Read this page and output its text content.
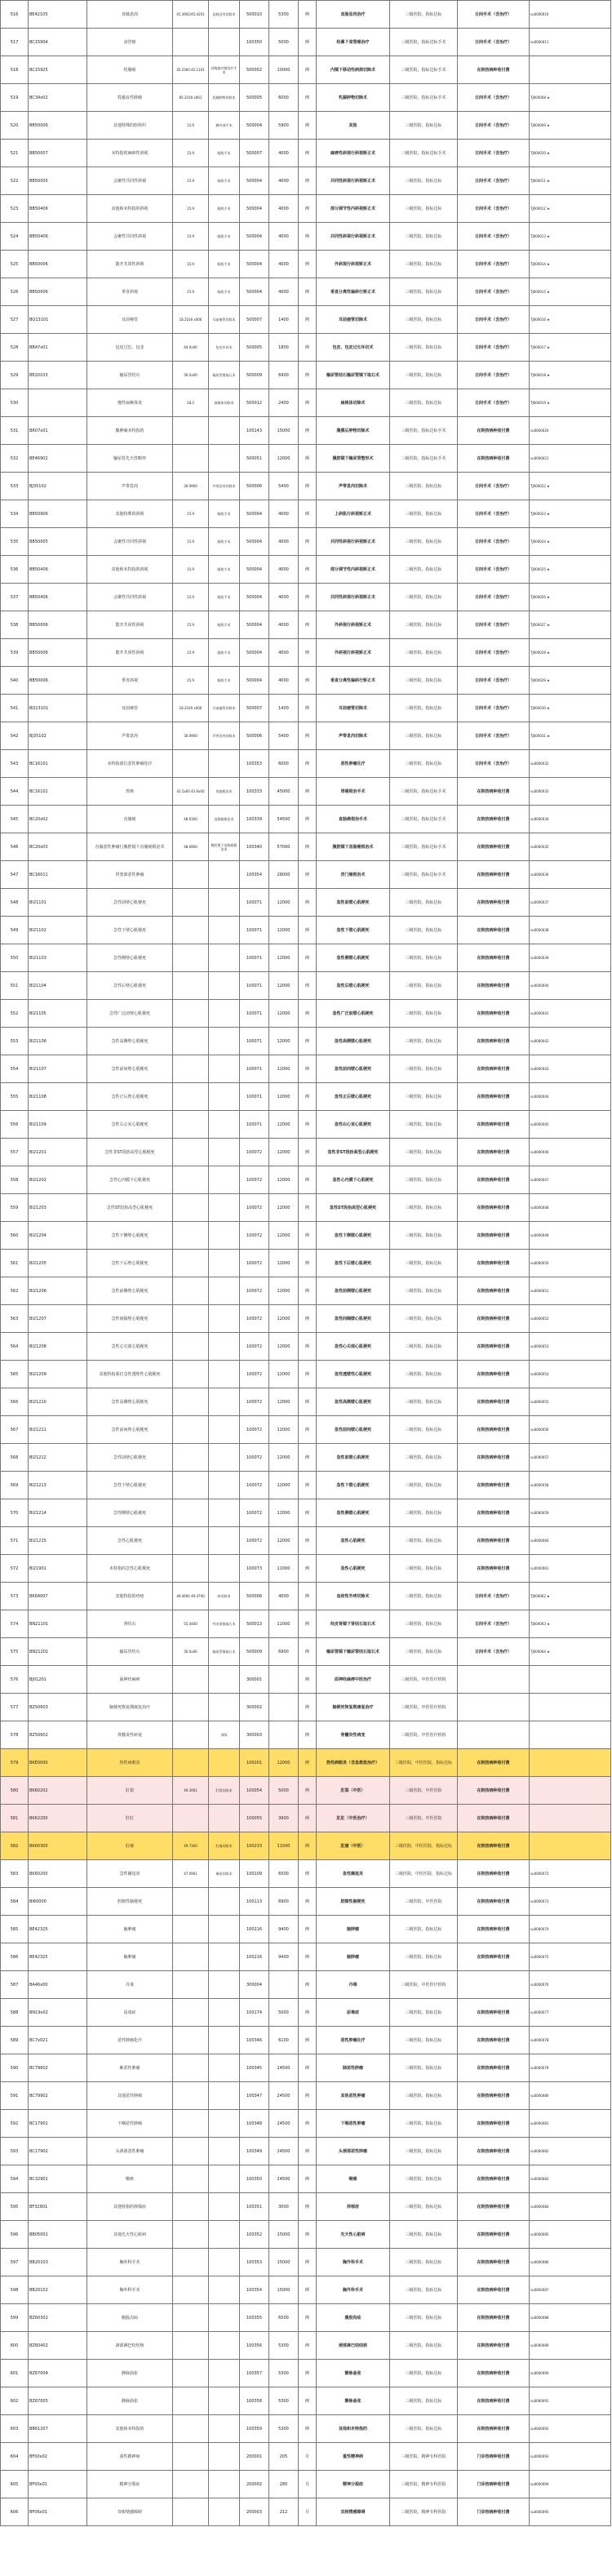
516	BE42105	直肠息肉	45.3602/45.4201	直肠息肉切除术	500010	5300	例	直肠息肉治疗	三级医院，指标达标	日间手术（含治疗）	su0000010
517	BC15904	食管癌			100350	5000	例	经鼻下食管癌治疗	三级医院，指标达标手术	日间手术（含治疗）	su0000011
518	BC15925	结肠癌	45.2300 45.1101	结肠癌内镜治疗手术	500002	10000	例	内镜下移动性病损切除术	三级医院，指标达标手术	在院按病种收付费	
519	BC34x02	乳腺良性肿瘤	85.2100 x001	乳腺肿物切除术	500005	6000	例	乳腺肿物切除术	三级医院，指标达标手术	日间手术（含治疗）	TJ000008 ★
520	BB50006	其他特殊的软组织	15.9	腰外部手术	500004	5900	例	其他	三级医院，指标达标	日间手术（含治疗）	TJ000009 ★
521	BB50007	未特指的麻痹性斜视	15.9	眼肌手术	500007	4000	例	麻痹性斜视行斜视矫正术	三级医院，指标达标手术	日间手术（含治疗）	TJ000010 ★
522	BB50005	会聚性共同性斜视	15.9	眼肌手术	500004	4000	例	共同性斜视行斜视矫正术	三级医院，指标达标	日间手术（含治疗）	TJ000011 ★
523	BB50406	其他和未特指的斜视	15.9	眼肌手术	500004	4000	例	部分调节性内斜视矫正术	三级医院，指标达标	日间手术（含治疗）	TJ000012 ★
524	BB50406	会聚性共同性斜视	15.9	眼肌手术	500004	4000	例	共同性斜视行斜视矫正术	三级医院，指标达标	日间手术（含治疗）	TJ000013 ★
525	BB50006	散开共同性斜视	15.9	眼肌手术	500004	4000	例	外斜视行斜视矫正术	三级医院，指标达标	日间手术（含治疗）	TJ000014 ★
526	BB50006	垂直斜视	15.9	眼肌手术	500004	4000	例	垂直分离性偏斜行矫正术	三级医院，指标达标	日间手术（含治疗）	TJ000015 ★
527	BQ13101	耳前瘘管	18.2100 x006	耳前瘘管切除术	500007	1400	例	耳前瘘管切除术	三级医院，指标达标	日间手术（含治疗）	TJ000016 ★
528	BB47x01	包皮过长、包茎	64.0x00	包皮环切术	500005	1800	例	包皮、包皮过长环切术	三级医院，指标达标	日间手术（含治疗）	TJ000017 ★
529	BE20103	输尿管结石	56.0x00	输尿管镜取石术	500009	6900	例	输尿管结石输尿管镜下取石术	三级医院，指标达标	日间手术（含治疗）	TJ000018 ★
530		慢性扁桃体炎	28.2	扁桃体切除术	500012	2400	例	扁桃体切除术	三级医院，指标达标	日间手术（含治疗）	TJ000019 ★
531	BR07x01	腺肿瘤未特指的			100143	15000	例	腹膜后肿物切除术	三级医院，指标达标手术	在院按病种收付费	su0000020
532	BE46902	输尿管先天性畸形			500051	12000	例	腹腔镜下输尿管整形术	三级医院，指标达标手术	在院按病种收付费	su0000021
533	BJ35102	声带息肉	30.0900	声带息肉切除术	500006	5400	例	声带息肉切除术	三级医院，指标达标	日间手术（含治疗）	TJ000022 ★
534	BB50906	其他特殊的斜视	15.9	眼肌手术	500004	4000	例	上斜肌行斜视矫正术	三级医院，指标达标	日间手术（含治疗）	TJ000023 ★
535	BB50005	会聚性共同性斜视	15.9	眼肌手术	500004	4000	例	共同性斜视行斜视矫正术	三级医院，指标达标	日间手术（含治疗）	TJ000024 ★
536	BB50406	其他和未特指的斜视	15.9	眼肌手术	500004	4000	例	部分调节性内斜视矫正术	三级医院，指标达标	日间手术（含治疗）	TJ000025 ★
537	BB50406	会聚性共同性斜视	15.9	眼肌手术	500004	4000	例	共同性斜视行斜视矫正术	三级医院，指标达标	日间手术（含治疗）	TJ000026 ★
538	BB50006	散开共同性斜视	15.9	眼肌手术	500004	4000	例	外斜视行斜视矫正术	三级医院，指标达标	日间手术（含治疗）	TJ000027 ★
539	BB50006	散开共同性斜视	15.9	眼肌手术	500004	4000	例	外斜视行斜视矫正术	三级医院，指标达标	日间手术（含治疗）	TJ000028 ★
540	BB50006	垂直斜视	15.9	眼肌手术	500004	4000	例	垂直分离性偏斜行矫正术	三级医院，指标达标	日间手术（含治疗）	TJ000029 ★
541	BQ13101	耳前瘘管	18.2100 x006	耳前瘘管切除术	500007	1400	例	耳前瘘管切除术	三级医院，指标达标	日间手术（含治疗）	TJ000030 ★
542	BJ35102	声带息肉	30.0900	声带息肉切除术	500006	5400	例	声带息肉切除术	三级医院，指标达标	日间手术（含治疗）	TJ000031 ★
543	BC16101	未特指部位恶性肿瘤化疗			100353	6000	例	恶性肿瘤化疗	三级医院，指标达标	日间手术（含治疗）	su0000032
544	BC16101	胃癌	43.5x00 43.6x00	胃癌根治术	100333	45000	例	胃癌根治手术	三级医院，指标达标手术	在院按病种收付费	su0000033
545	BC20x02	直肠癌	48.6300	直肠癌根治术	100339	54500	例	直肠癌根治手术	三级医院，指标达标手术	在院按病种收付费	su0000034
546	BC20x03	直肠恶性肿瘤行腹腔镜下直肠癌根治术	48.6900	腹腔镜下直肠癌根治术	100340	57000	例	腹腔镜下直肠癌根治术	三级医院，指标达标手术	在院按病种收付费	su0000035
547	BC16011	胃窦部恶性肿瘤			100354	28000	例	贲门癌根治术	三级医院，指标达标手术	在院按病种收付费	su0000036
548	BI21101	急性前壁心肌梗死			100071	12000	例	急性前壁心肌梗死	三级医院，指标达标	在院按病种收付费	su0000037
549	BI21102	急性下壁心肌梗死			100071	12000	例	急性下壁心肌梗死	三级医院，指标达标	在院按病种收付费	su0000038
550	BI21103	急性侧壁心肌梗死			100071	12000	例	急性侧壁心肌梗死	三级医院，指标达标	在院按病种收付费	su0000039
551	BI21104	急性后壁心肌梗死			100071	12000	例	急性后壁心肌梗死	三级医院，指标达标	在院按病种收付费	su0000040
552	BI21105	急性广泛前壁心肌梗死			100071	12000	例	急性广泛前壁心肌梗死	三级医院，指标达标	在院按病种收付费	su0000041
553	BI21106	急性高侧壁心肌梗死			100071	12000	例	急性高侧壁心肌梗死	三级医院，指标达标	在院按病种收付费	su0000042
554	BI21107	急性前间壁心肌梗死			100071	12000	例	急性前间壁心肌梗死	三级医院，指标达标	在院按病种收付费	su0000043
555	BI21108	急性正后壁心肌梗死			100071	12000	例	急性正后壁心肌梗死	三级医院，指标达标	在院按病种收付费	su0000044
556	BI21109	急性右心室心肌梗死			100071	12000	例	急性右心室心肌梗死	三级医院，指标达标	在院按病种收付费	su0000045
557	BI21201	急性非ST段抬高型心肌梗死			100072	12000	例	急性非ST段抬高型心肌梗死	三级医院，指标达标	在院按病种收付费	su0000046
558	BI21202	急性心内膜下心肌梗死			100072	12000	例	急性心内膜下心肌梗死	三级医院，指标达标	在院按病种收付费	su0000047
559	BI21203	急性ST段抬高型心肌梗死			100072	12000	例	急性ST段抬高型心肌梗死	三级医院，指标达标	在院按病种收付费	su0000048
560	BI21204	急性下侧壁心肌梗死			100072	12000	例	急性下侧壁心肌梗死	三级医院，指标达标	在院按病种收付费	su0000049
561	BI21205	急性下后壁心肌梗死			100072	12000	例	急性下后壁心肌梗死	三级医院，指标达标	在院按病种收付费	su0000050
562	BI21206	急性前侧壁心肌梗死			100072	12000	例	急性前侧壁心肌梗死	三级医院，指标达标	在院按病种收付费	su0000051
563	BI21207	急性间隔壁心肌梗死			100072	12000	例	急性间隔壁心肌梗死	三级医院，指标达标	在院按病种收付费	su0000052
564	BI21208	急性心尖部心肌梗死			100072	12000	例	急性心尖部心肌梗死	三级医院，指标达标	在院按病种收付费	su0000053
565	BI21209	其他特指部位急性透壁性心肌梗死			100072	12000	例	急性透壁性心肌梗死	三级医院，指标达标	在院按病种收付费	su0000054
566	BI21210	急性高侧壁心肌梗死			100072	12000	例	急性高侧壁心肌梗死	三级医院，指标达标	在院按病种收付费	su0000055
567	BI21211	急性前间壁心肌梗死			100072	12000	例	急性前间壁心肌梗死	三级医院，指标达标	在院按病种收付费	su0000056
568	BI21212	急性前壁心肌梗死			100072	12000	例	急性前壁心肌梗死	三级医院，指标达标	在院按病种收付费	su0000057
569	BI21213	急性下壁心肌梗死			100072	12000	例	急性下壁心肌梗死	三级医院，指标达标	在院按病种收付费	su0000058
570	BI21214	急性侧壁心肌梗死			100072	12000	例	急性侧壁心肌梗死	三级医院，指标达标	在院按病种收付费	su0000059
571	BI21215	急性心肌梗死			100072	12000	例	急性心肌梗死	三级医院，指标达标	在院按病种收付费	su0000060
572	BI21901	未特指的急性心肌梗死			100073	11000	例	急性心肌梗死	三级医院，指标达标	在院按病种收付费	su0000061
573	BK64007	其他特指的痔疮	49.4600 49.4700	痔切除术	500006	4000	例	血栓性外痔切除术	三级医院，指标达标	日间手术（含治疗）	TJ000062 ★
574	BN21101	肾结石	55.0400	经皮肾镜取石术	500013	11000	例	经皮肾镜下肾结石取石术	三级医院，指标达标	日间手术（含治疗）	TJ000063 ★
575	BN21201	输尿管结石	56.0x00	输尿管镜取石术	500009	6900	例	输尿管镜下输尿管结石取石术	三级医院，指标达标	日间手术（含治疗）	TJ000064 ★
576	BJ01201	面神经麻痹			300001		例	面神经麻痹中医治疗	三级医院，中医医疗机构		
577	BZ50603	脑梗死恢复期康复治疗			300002		例	脑梗死恢复期康复治疗	三级医院，中医医疗机构		
578	BZ50602	骨髓炎性病变		训练	300003		例	骨髓炎性病变	三级医院，中医医疗机构		
579	BKE0000	热性病眼炎			100201	12000	例	热性病眼炎（含急救抢治疗）	三级医院，中医医院，指标达标	在院按病种收付费	
580	BK60202	肛裂	49.3901	肛裂切除术	100054	5000	例	肛裂（中医）	三级医院，中医医院	在院按病种收付费	
581	BK62200	肛肛			100055	3900	例	肛肛（中医治疗）	三级医院，中医医院	在院按病种收付费	
582	BK60300	肛瘘	49.7300	肛瘘切除术	100233	11500	例	肛瘘（中医）	三级医院，中医医院，指标达标	在院按病种收付费	
583	BK60200	急性阑尾炎	47.0901	阑尾切除术	100109	6500	例	急性阑尾炎	三级医院，中医医院，指标达标	在院按病种收付费	su0000072
584	BI60000	腔隙性脑梗死			100113	6900	例	腔隙性脑梗死	三级医院，中医医院	在院按病种收付费	su0000073
585	BE42325	脑肿瘤			100216	9400	例	脑肿瘤	三级医院，指标达标	在院按病种收付费	su0000074
586	BE42325	脑肿瘤			100216	9400	例	脑肿瘤	三级医院，指标达标	在院按病种收付费	su0000075
587	BA46x00	丹毒			300004		例	丹毒	三级医院，中医医疗机构		su0000076
588	BN19x02	尿毒症			100174	5000	例	尿毒症	三级医院，指标达标	在院按病种收付费	su0000077
589	BC7x021	恶性肿瘤化疗			100346	6100	例	恶性肿瘤化疗	三级医院，指标达标	在院按病种收付费	su0000078
590	BC79602	肺恶性肿瘤			100345	24500	例	肺恶性肿瘤	三级医院，指标达标	在院按病种收付费	su0000079
591	BC79902	其他恶性肿瘤			100347	24500	例	其他恶性肿瘤	三级医院，指标达标	在院按病种收付费	su0000080
592	BC17901	下咽恶性肿瘤			100348	24500	例	下咽恶性肿瘤	三级医院，指标达标	在院按病种收付费	su0000081
593	BC17902	头颈部恶性肿瘤			100349	24500	例	头颈部恶性肿瘤	三级医院，指标达标	在院按病种收付费	su0000082
594	BC32901	喉癌			100350	24500	例	喉癌	三级医院，指标达标	在院按病种收付费	su0000083
595	BF32901	其他特指的抑郁症			100351	3000	例	抑郁症	三级医院，指标达标	在院按病种收付费	su0000084
596	BB05001	其他先天性心脏病			100352	15000	例	先天性心脏病	三级医院，指标达标	在院按病种收付费	su0000085
597	BB20103	胸外科手术			100353	15000	例	胸外科手术	三级医院，指标达标	在院按病种收付费	su0000086
598	BB20102	胸外科手术			100354	15000	例	胸外科手术	三级医院，指标达标	在院按病种收付费	su0000087
599	BZ60302	腹股沟疝			100355	6500	例	腹股沟疝	三级医院，指标达标	在院按病种收付费	su0000088
600	BZ60402	颈部淋巴结结核			100356	5300	例	颈部淋巴结结核	三级医院，指标达标	在院按病种收付费	su0000089
601	BZ67004	静脉曲张			100357	5300	例	静脉曲张	三级医院，指标达标	在院按病种收付费	su0000090
602	BZ67005	静脉曲张			100358	5300	例	静脉曲张	三级医院，指标达标	在院按病种收付费	su0000091
603	BB61207	其他和未特指的			100359	5300	例	其他和未特指的	三级医院，指标达标	在院按病种收付费	su0000092
604	BF00x02	重性精神病			200001	205	月	重性精神病	三级医院，精神专科医院	门诊按病种收付费	su0000093
605	BF00x01	精神分裂症			200002	280	月	精神分裂症	三级医院，精神专科医院	门诊按病种收付费	su0000094
606	BF06x01	双相情感障碍			200003	212	月	双相情感障碍	三级医院，精神专科医院	门诊按病种收付费	su0000095
